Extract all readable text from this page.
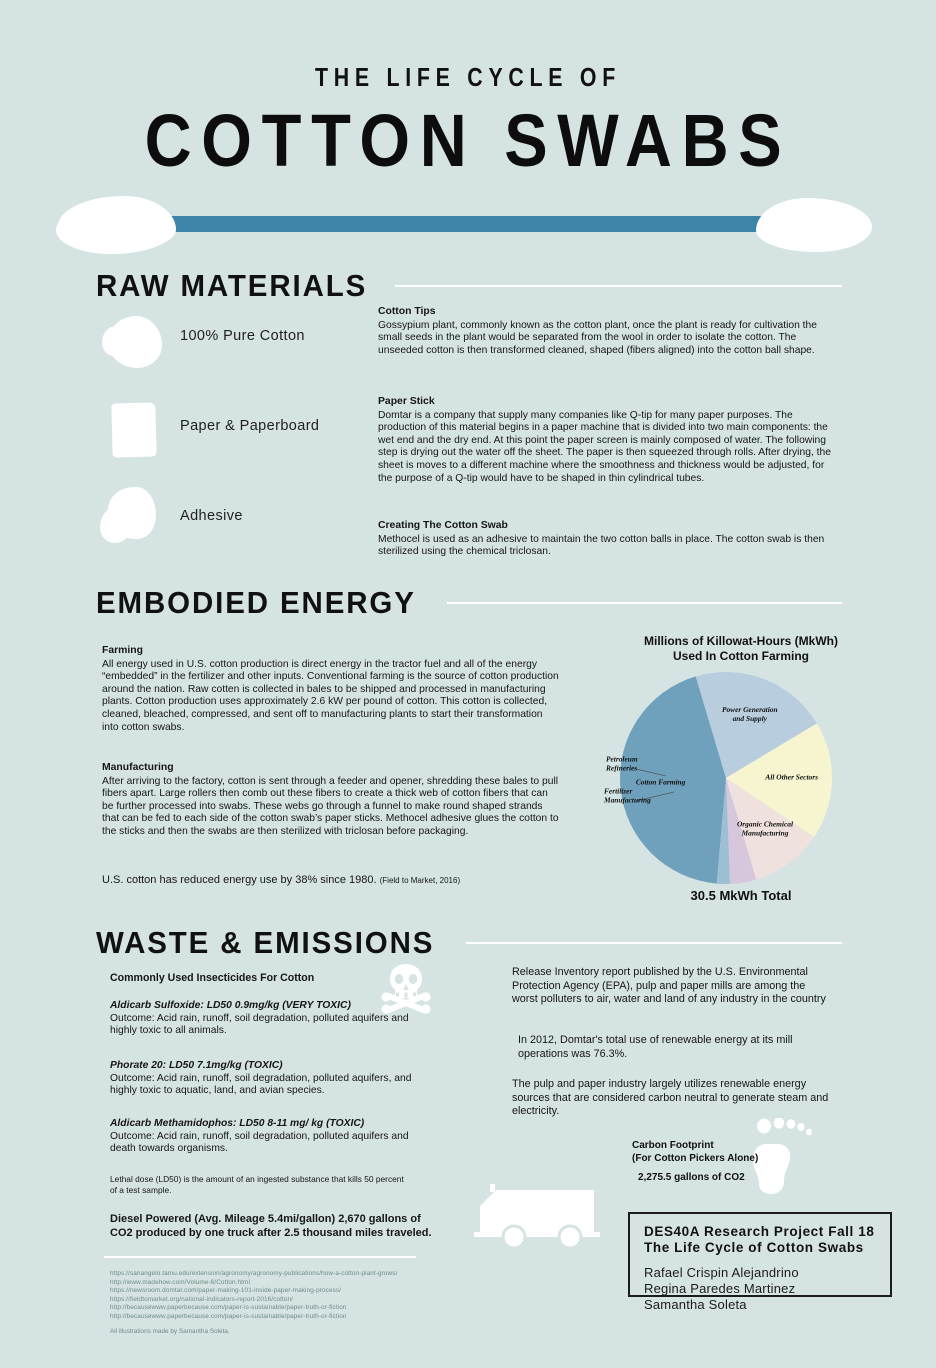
THE LIFE CYCLE OF
COTTON SWABS
RAW MATERIALS
100% Pure Cotton
Paper & Paperboard
Adhesive
Cotton Tips
Gossypium plant, commonly known as the cotton plant, once the plant is ready for cultivation the small seeds in the plant would be separated from the wool in order to isolate the cotton. The unseeded cotton is then transformed cleaned, shaped (fibers aligned) into the cotton ball shape.
Paper Stick
Domtar is a company that supply many companies like Q-tip for many paper purposes. The production of this material begins in a paper machine that is divided into two main components: the wet end and the dry end. At this point the paper screen is mainly composed of water. The following step is drying out the water off the sheet. The paper is then squeezed through rolls. After drying, the sheet is moves to a different machine where the smoothness and thickness would be adjusted, for the purpose of a Q-tip would have to be shaped in thin cylindrical tubes.
Creating The Cotton Swab
Methocel is used as an adhesive to maintain the two cotton balls in place. The cotton swab is then sterilized using the chemical triclosan.
EMBODIED ENERGY
Farming
All energy used in U.S. cotton production is direct energy in the tractor fuel and all of the energy “embedded” in the fertilizer and other inputs. Conventional farming is the source of cotton production around the nation. Raw cotten is collected in bales to be shipped and processed in manufacturing plants. Cotton production uses approximately 2.6 kW per pound of cotton. This cotton is collected, cleaned, bleached, compressed, and sent off to manufacturing plants to start their transformation into cotton swabs.
Manufacturing
After arriving to the factory, cotton is sent through a feeder and opener, shredding these bales to pull fibers apart. Large rollers then comb out these fibers to create a thick web of cotton fibers that can be further processed into swabs. These webs go through a funnel to make round shaped strands that can be fed to each side of the cotton swab’s paper sticks. Methocel adhesive glues the cotton to the sticks and then the swabs are then sterilized with triclosan before packaging.
U.S. cotton has reduced energy use by 38% since 1980. (Field to Market, 2016)
Millions of Killowat-Hours (MkWh)
Used In Cotton Farming
Cotton Farming
Power Generation and Supply
All Other Sectors
Organic Chemical Manufacturing
Fertilizer Manufacturing
Petroleum Refineries
30.5 MkWh Total
WASTE & EMISSIONS
Commonly Used Insecticides For Cotton
Aldicarb Sulfoxide: LD50 0.9mg/kg (VERY TOXIC)
Outcome: Acid rain, runoff, soil degradation, polluted aquifers and highly toxic to all animals.
Phorate 20: LD50 7.1mg/kg (TOXIC)
Outcome: Acid rain, runoff, soil degradation, polluted aquifers, and highly toxic to aquatic, land, and avian species.
Aldicarb Methamidophos: LD50 8-11 mg/ kg (TOXIC)
Outcome: Acid rain, runoff, soil degradation, polluted aquifers and death towards organisms.
Lethal dose (LD50) is the amount of an ingested substance that kills 50 percent of a test sample.
Diesel Powered (Avg. Mileage 5.4mi/gallon) 2,670 gallons of CO2 produced by one truck after 2.5 thousand miles traveled.
Release Inventory report published by the U.S. Environmental Protection Agency (EPA), pulp and paper mills are among the worst polluters to air, water and land of any industry in the country
In 2012, Domtar's total use of renewable energy at its mill operations was 76.3%.
The pulp and paper industry largely utilizes renewable energy sources that are considered carbon neutral to generate steam and electricity.
Carbon Footprint
(For Cotton Pickers Alone)
2,275.5 gallons of CO2
DES40A Research Project Fall 18
The Life Cycle of Cotton Swabs
Rafael Crispin Alejandrino
Regina Paredes Martinez
Samantha Soleta
https://sanangelo.tamu.edu/extension/agronomy/agronomy-publications/how-a-cotton-plant-grows/
http://www.madehow.com/Volume-6/Cotton.html
https://newsroom.domtar.com/paper-making-101-inside-paper-making-process/
https://fieldtomarket.org/national-indicators-report-2016/cotton/
http://becausewww.paperbecause.com/paper-is-sustainable/paper-truth-or-fiction
http://becausewww.paperbecause.com/paper-is-sustainable/paper-truth-or-fiction
All illustrations made by Samantha Soleta.
